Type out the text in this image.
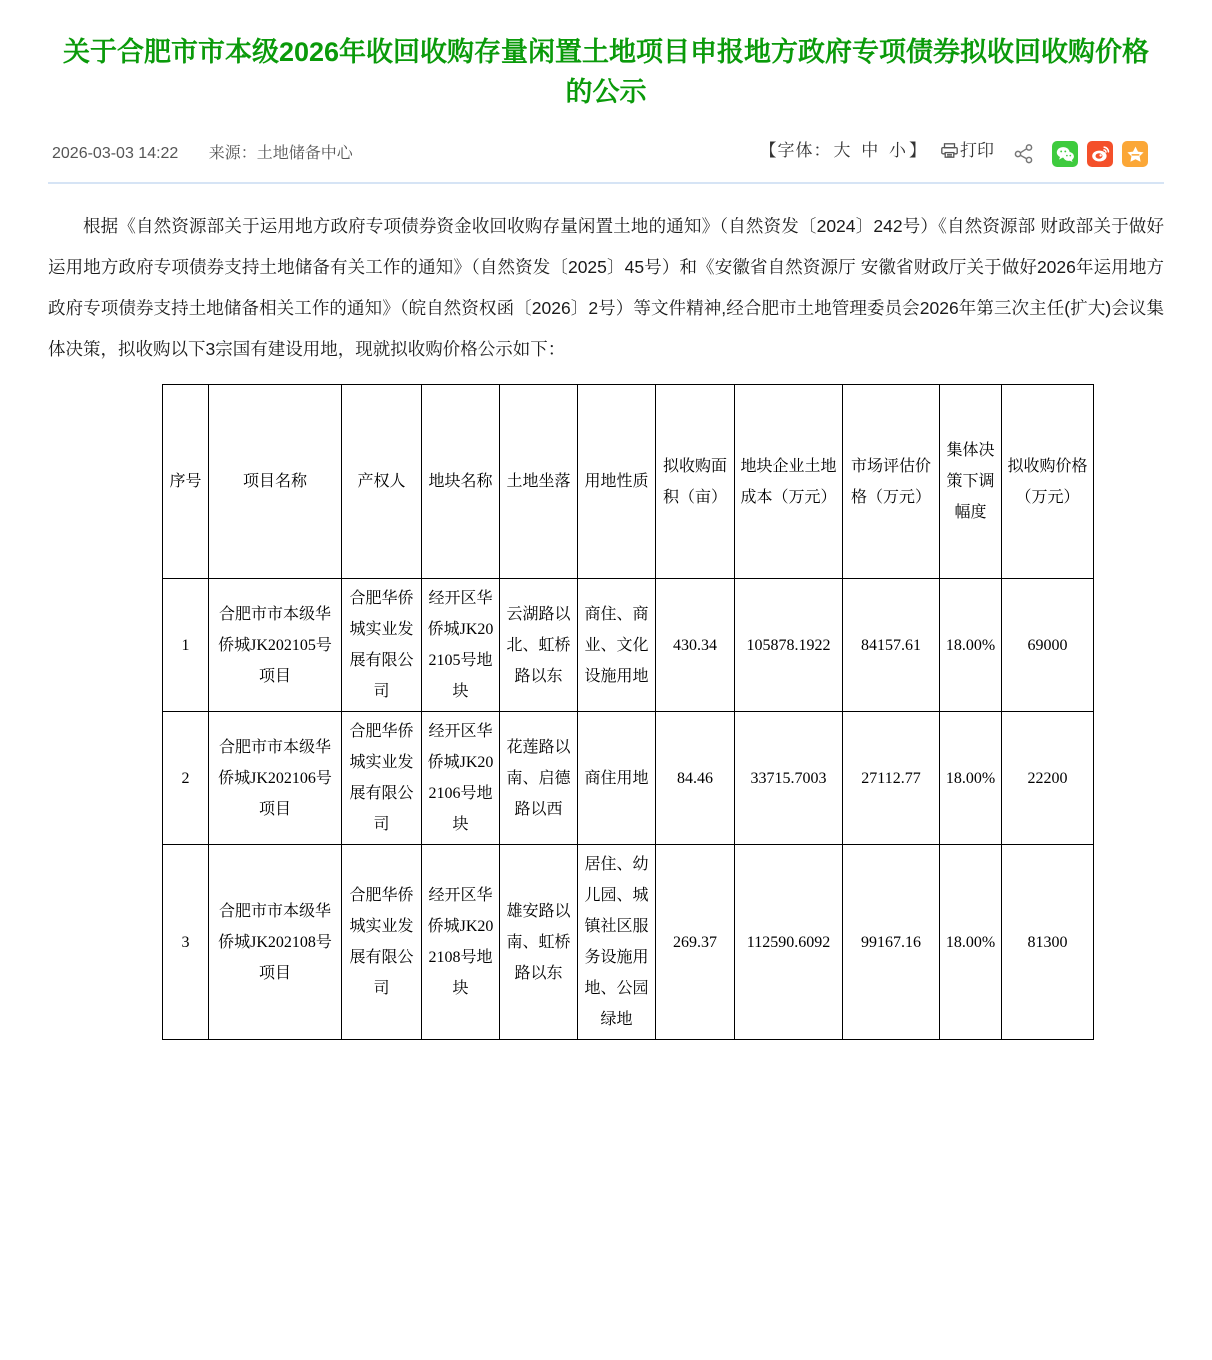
关于合肥市市本级2026年收回收购存量闲置土地项目申报地方政府专项债券拟收回收购价格的公示
2026-03-03 14:22 来源：土地储备中心	【字体： 大 中 小 】 打印

根据《自然资源部关于运用地方政府专项债券资金收回收购存量闲置土地的通知》（自然资发〔2024〕242号）《自然资源部 财政部关于做好运用地方政府专项债券支持土地储备有关工作的通知》（自然资发〔2025〕45号）和《安徽省自然资源厅 安徽省财政厅关于做好2026年运用地方政府专项债券支持土地储备相关工作的通知》（皖自然资权函〔2026〕2号）等文件精神,经合肥市土地管理委员会2026年第三次主任(扩大)会议集体决策，拟收购以下3宗国有建设用地，现就拟收购价格公示如下：

序号	项目名称	产权人	地块名称	土地坐落	用地性质	拟收购面积（亩）	地块企业土地成本（万元）	市场评估价格（万元）	集体决策下调幅度	拟收购价格（万元）
1	合肥市市本级华侨城JK202105号项目	合肥华侨城实业发展有限公司	经开区华侨城JK202105号地块	云湖路以北、虹桥路以东	商住、商业、文化设施用地	430.34	105878.1922	84157.61	18.00%	69000
2	合肥市市本级华侨城JK202106号项目	合肥华侨城实业发展有限公司	经开区华侨城JK202106号地块	花莲路以南、启德路以西	商住用地	84.46	33715.7003	27112.77	18.00%	22200
3	合肥市市本级华侨城JK202108号项目	合肥华侨城实业发展有限公司	经开区华侨城JK202108号地块	雄安路以南、虹桥路以东	居住、幼儿园、城镇社区服务设施用地、公园绿地	269.37	112590.6092	99167.16	18.00%	81300
